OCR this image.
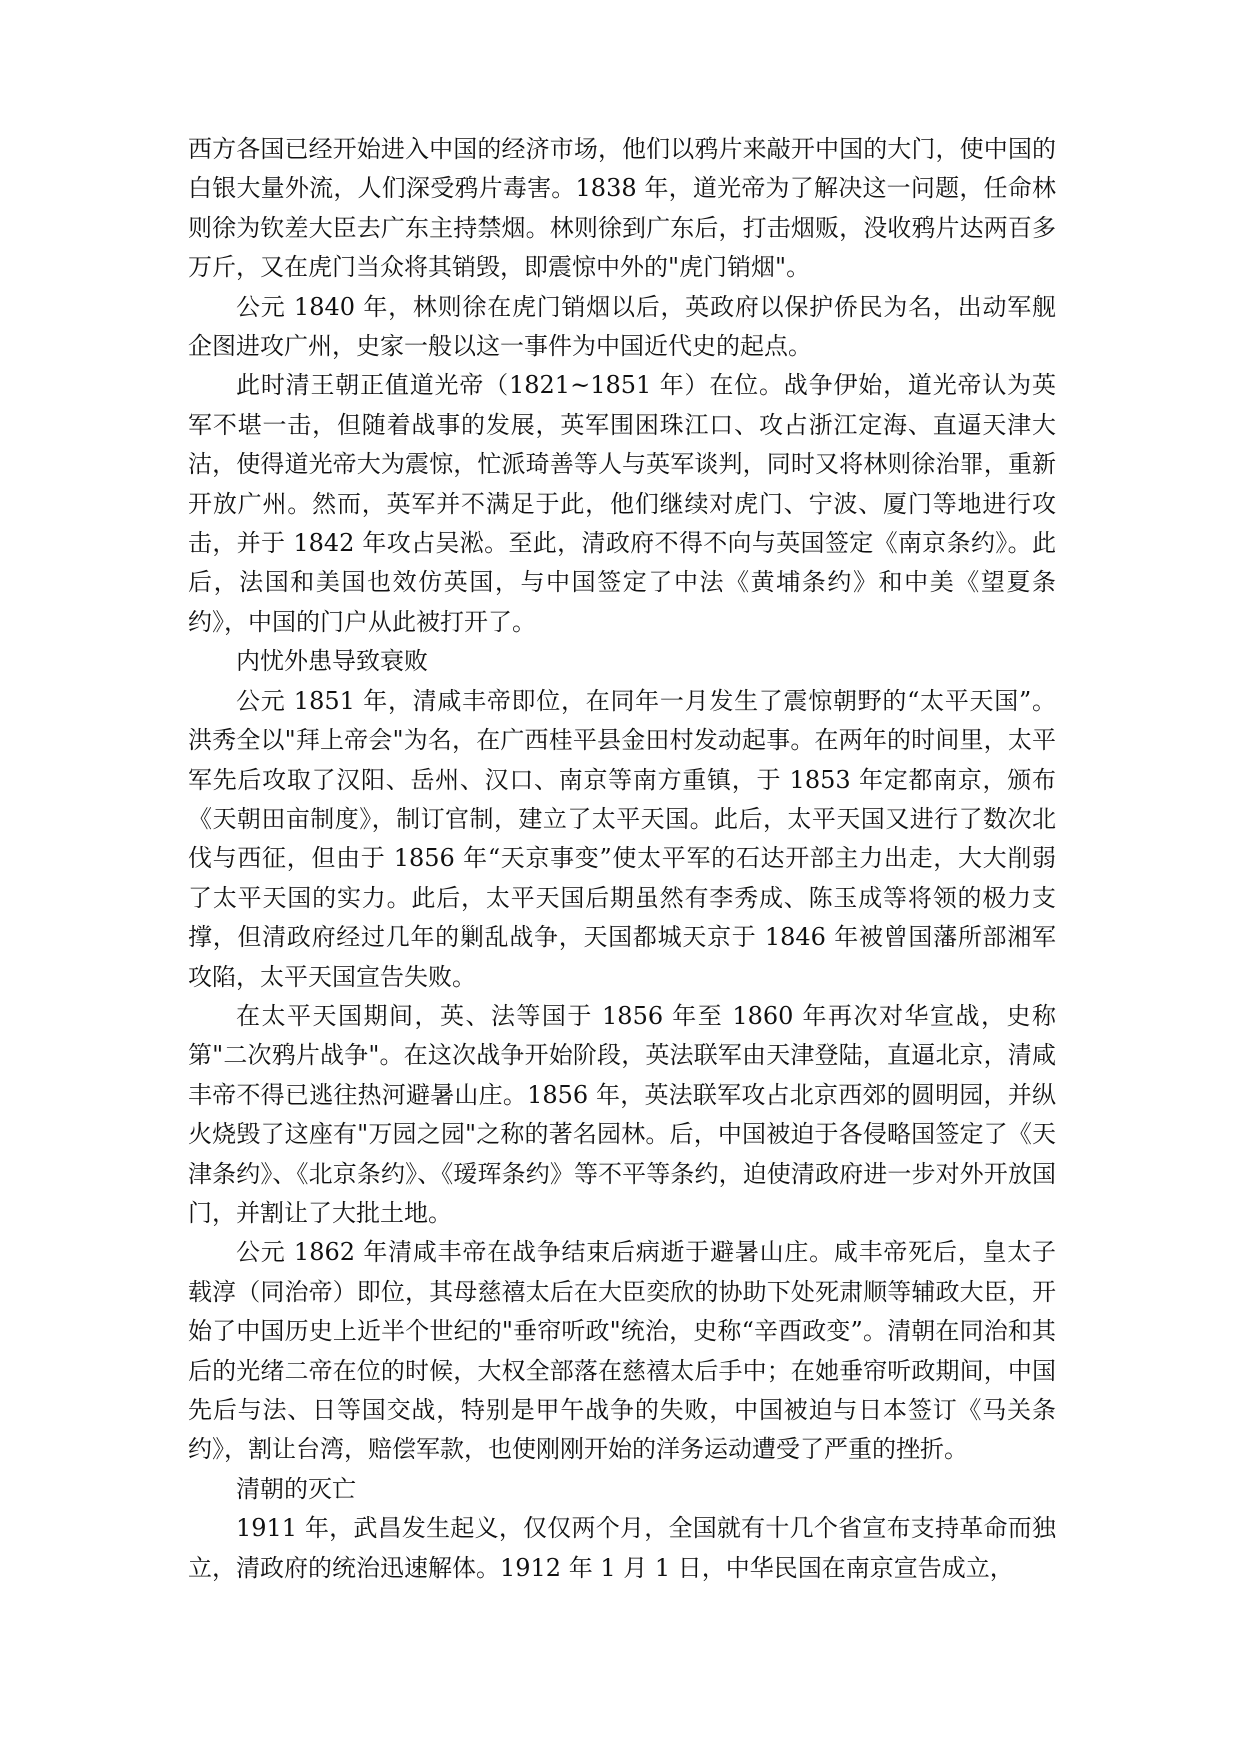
西方各国已经开始进入中国的经济市场，他们以鸦片来敲开中国的大门，使中国的白银大量外流，人们深受鸦片毒害。1838 年，道光帝为了解决这一问题，任命林则徐为钦差大臣去广东主持禁烟。林则徐到广东后，打击烟贩，没收鸦片达两百多万斤，又在虎门当众将其销毁，即震惊中外的"虎门销烟"。

公元 1840 年，林则徐在虎门销烟以后，英政府以保护侨民为名，出动军舰企图进攻广州，史家一般以这一事件为中国近代史的起点。

此时清王朝正值道光帝（1821~1851 年）在位。战争伊始，道光帝认为英军不堪一击，但随着战事的发展，英军围困珠江口、攻占浙江定海、直逼天津大沽，使得道光帝大为震惊，忙派琦善等人与英军谈判，同时又将林则徐治罪，重新开放广州。然而，英军并不满足于此，他们继续对虎门、宁波、厦门等地进行攻击，并于 1842 年攻占吴淞。至此，清政府不得不向与英国签定《南京条约》。此后，法国和美国也效仿英国，与中国签定了中法《黄埔条约》和中美《望夏条约》，中国的门户从此被打开了。

内忧外患导致衰败

公元 1851 年，清咸丰帝即位，在同年一月发生了震惊朝野的“太平天国”。洪秀全以"拜上帝会"为名，在广西桂平县金田村发动起事。在两年的时间里，太平军先后攻取了汉阳、岳州、汉口、南京等南方重镇，于 1853 年定都南京，颁布《天朝田亩制度》，制订官制，建立了太平天国。此后，太平天国又进行了数次北伐与西征，但由于 1856 年“天京事变”使太平军的石达开部主力出走，大大削弱了太平天国的实力。此后，太平天国后期虽然有李秀成、陈玉成等将领的极力支撑，但清政府经过几年的剿乱战争，天国都城天京于 1846 年被曾国藩所部湘军攻陷，太平天国宣告失败。

在太平天国期间，英、法等国于 1856 年至 1860 年再次对华宣战，史称第"二次鸦片战争"。在这次战争开始阶段，英法联军由天津登陆，直逼北京，清咸丰帝不得已逃往热河避暑山庄。1856 年，英法联军攻占北京西郊的圆明园，并纵火烧毁了这座有"万园之园"之称的著名园林。后，中国被迫于各侵略国签定了《天津条约》、《北京条约》、《瑷珲条约》等不平等条约，迫使清政府进一步对外开放国门，并割让了大批土地。

公元 1862 年清咸丰帝在战争结束后病逝于避暑山庄。咸丰帝死后，皇太子载淳（同治帝）即位，其母慈禧太后在大臣奕欣的协助下处死肃顺等辅政大臣，开始了中国历史上近半个世纪的"垂帘听政"统治，史称“辛酉政变”。清朝在同治和其后的光绪二帝在位的时候，大权全部落在慈禧太后手中；在她垂帘听政期间，中国先后与法、日等国交战，特别是甲午战争的失败，中国被迫与日本签订《马关条约》，割让台湾，赔偿军款，也使刚刚开始的洋务运动遭受了严重的挫折。

清朝的灭亡

1911 年，武昌发生起义，仅仅两个月，全国就有十几个省宣布支持革命而独立，清政府的统治迅速解体。1912 年 1 月 1 日，中华民国在南京宣告成立，
